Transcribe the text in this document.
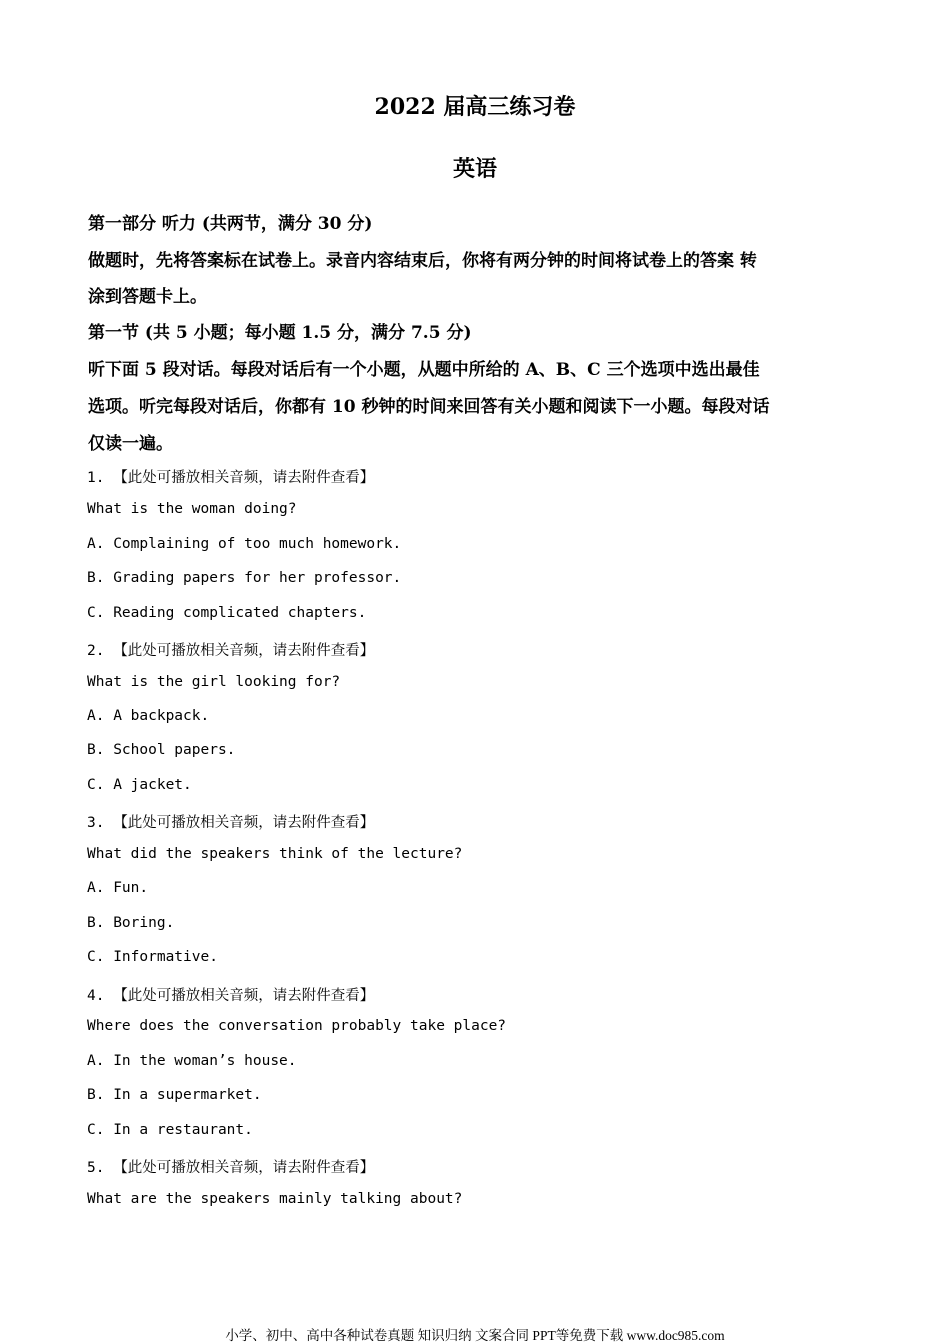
2022 届高三练习卷
英语
第一部分 听力 (共两节，满分 30 分)
做题时，先将答案标在试卷上。录音内容结束后，你将有两分钟的时间将试卷上的答案 转
涂到答题卡上。
第一节 (共 5 小题；每小题 1.5 分，满分 7.5 分)
听下面 5 段对话。每段对话后有一个小题，从题中所给的 A、B、C 三个选项中选出最佳
选项。听完每段对话后，你都有 10 秒钟的时间来回答有关小题和阅读下一小题。每段对话
仅读一遍。
1. 【此处可播放相关音频，请去附件查看】
What is the woman doing?
A. Complaining of too much homework.
B. Grading papers for her professor.
C. Reading complicated chapters.
2. 【此处可播放相关音频，请去附件查看】
What is the girl looking for?
A. A backpack.
B. School papers.
C. A jacket.
3. 【此处可播放相关音频，请去附件查看】
What did the speakers think of the lecture?
A. Fun.
B. Boring.
C. Informative.
4. 【此处可播放相关音频，请去附件查看】
Where does the conversation probably take place?
A. In the woman’s house.
B. In a supermarket.
C. In a restaurant.
5. 【此处可播放相关音频，请去附件查看】
What are the speakers mainly talking about?
小学、初中、高中各种试卷真题 知识归纳 文案合同 PPT等免费下载 www.doc985.com
